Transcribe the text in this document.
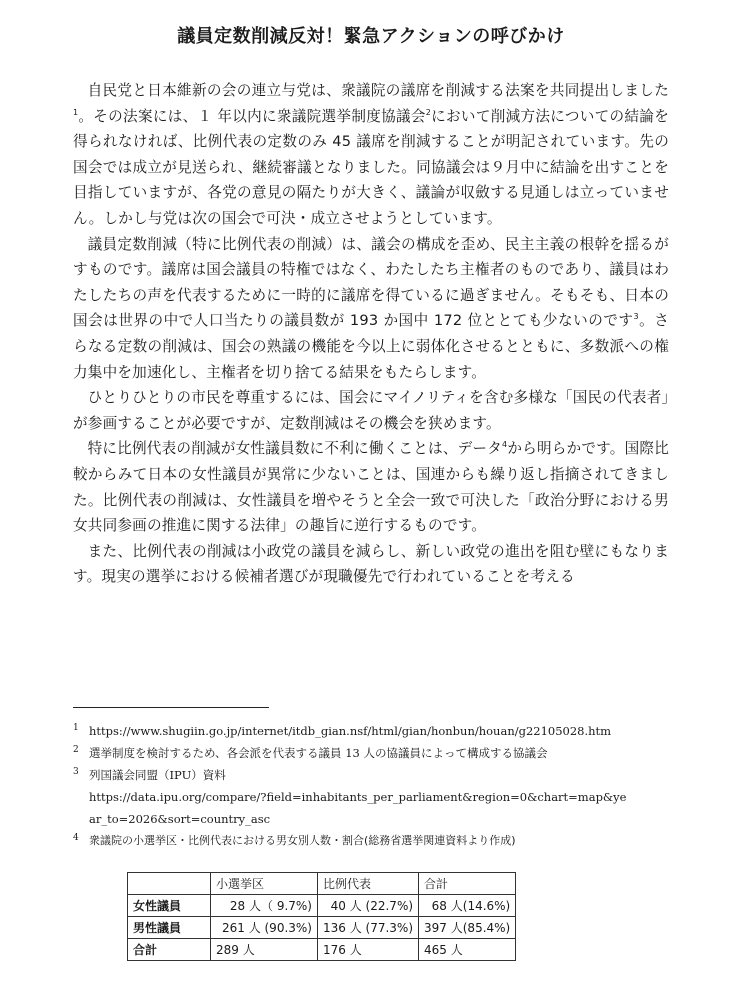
議員定数削減反対！緊急アクションの呼びかけ

自民党と日本維新の会の連立与党は、衆議院の議席を削減する法案を共同提出しました$^1$。その法案には、１ 年以内に衆議院選挙制度協議会$^2$において削減方法についての結論を得られなければ、比例代表の定数のみ 45 議席を削減することが明記されています。先の国会では成立が見送られ、継続審議となりました。同協議会は９月中に結論を出すことを目指していますが、各党の意見の隔たりが大きく、議論が収斂する見通しは立っていません。しかし与党は次の国会で可決・成立させようとしています。

議員定数削減（特に比例代表の削減）は、議会の構成を歪め、民主主義の根幹を揺るがすものです。議席は国会議員の特権ではなく、わたしたち主権者のものであり、議員はわたしたちの声を代表するために一時的に議席を得ているに過ぎません。そもそも、日本の国会は世界の中で人口当たりの議員数が 193 か国中 172 位ととても少ないのです$^3$。さらなる定数の削減は、国会の熟議の機能を今以上に弱体化させるとともに、多数派への権力集中を加速化し、主権者を切り捨てる結果をもたらします。

ひとりひとりの市民を尊重するには、国会にマイノリティを含む多様な「国民の代表者」が参画することが必要ですが、定数削減はその機会を狭めます。

特に比例代表の削減が女性議員数に不利に働くことは、データ$^4$から明らかです。国際比較からみて日本の女性議員が異常に少ないことは、国連からも繰り返し指摘されてきました。比例代表の削減は、女性議員を増やそうと全会一致で可決した「政治分野における男女共同参画の推進に関する法律」の趣旨に逆行するものです。

また、比例代表の削減は小政党の議員を減らし、新しい政党の進出を阻む壁にもなります。現実の選挙における候補者選びが現職優先で行われていることを考える

1 https://www.shugiin.go.jp/internet/itdb_gian.nsf/html/gian/honbun/houan/g22105028.htm
2 選挙制度を検討するため、各会派を代表する議員 13 人の協議員によって構成する協議会
3 列国議会同盟（IPU）資料
https://data.ipu.org/compare/?field=inhabitants_per_parliament&region=0&chart=map&ye
ar_to=2026&sort=country_asc
4 衆議院の小選挙区・比例代表における男女別人数・割合(総務省選挙関連資料より作成)
	小選挙区	比例代表	合計
女性議員	28 人（ 9.7%)	40 人 (22.7%)	68 人(14.6%)
男性議員	261 人 (90.3%)	136 人 (77.3%)	397 人(85.4%)
合計	289 人	176 人	465 人
